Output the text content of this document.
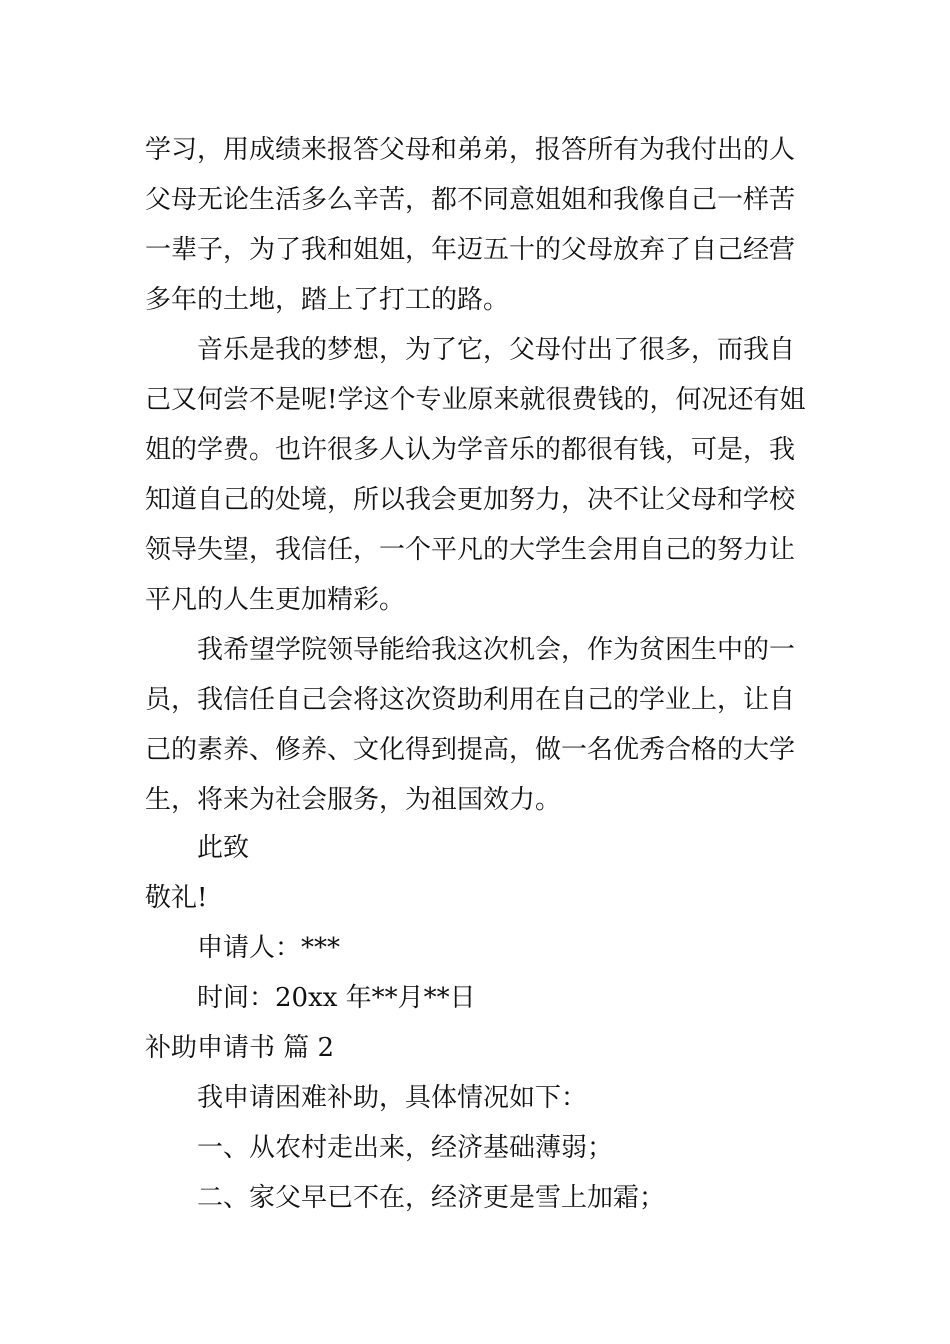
学习，用成绩来报答父母和弟弟，报答所有为我付出的人
父母无论生活多么辛苦，都不同意姐姐和我像自己一样苦
一辈子，为了我和姐姐，年迈五十的父母放弃了自己经营
多年的土地，踏上了打工的路。
音乐是我的梦想，为了它，父母付出了很多，而我自
己又何尝不是呢!学这个专业原来就很费钱的，何况还有姐
姐的学费。也许很多人认为学音乐的都很有钱，可是，我
知道自己的处境，所以我会更加努力，决不让父母和学校
领导失望，我信任，一个平凡的大学生会用自己的努力让
平凡的人生更加精彩。
我希望学院领导能给我这次机会，作为贫困生中的一
员，我信任自己会将这次资助利用在自己的学业上，让自
己的素养、修养、文化得到提高，做一名优秀合格的大学
生，将来为社会服务，为祖国效力。
此致
敬礼!
申请人：***
时间：20xx 年**月**日
补助申请书 篇 2
我申请困难补助，具体情况如下：
一、从农村走出来，经济基础薄弱；
二、家父早已不在，经济更是雪上加霜；
